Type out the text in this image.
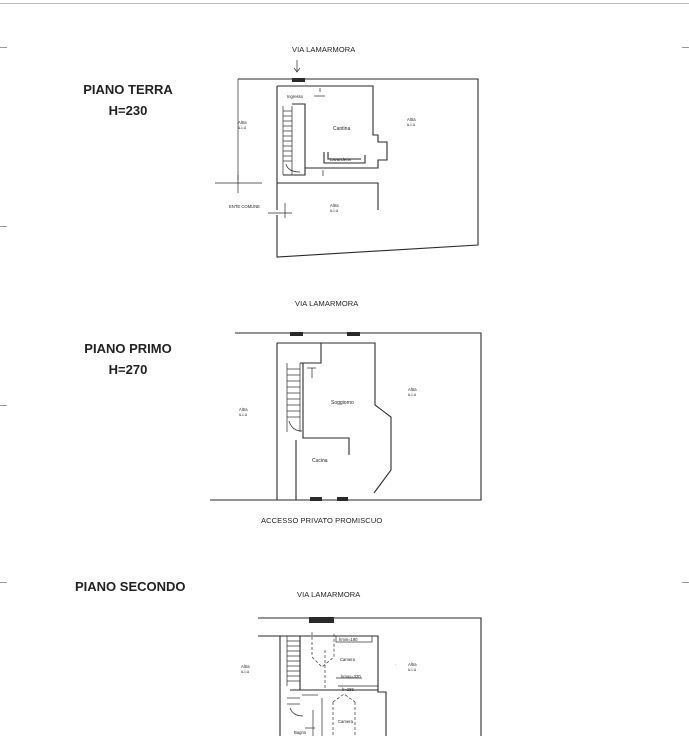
PIANO TERRA
H=230
VIA LAMARMORA
PIANO PRIMO
H=270
VIA LAMARMORA
ACCESSO PRIVATO PROMISCUO
PIANO SECONDO
VIA LAMARMORA
Ingresso
Cantina
Lavanderia
Altra
u.i.u
Altra
u.i.u
Altra
u.i.u
ENTE COMUNE
Soggiorno
Cucina
Altra
u.i.u
Altra
u.i.u
hmin=190
Camera
hmax=320
h=283
Camera
Altra
u.i.u
Altra
u.i.u
Bagno
·
